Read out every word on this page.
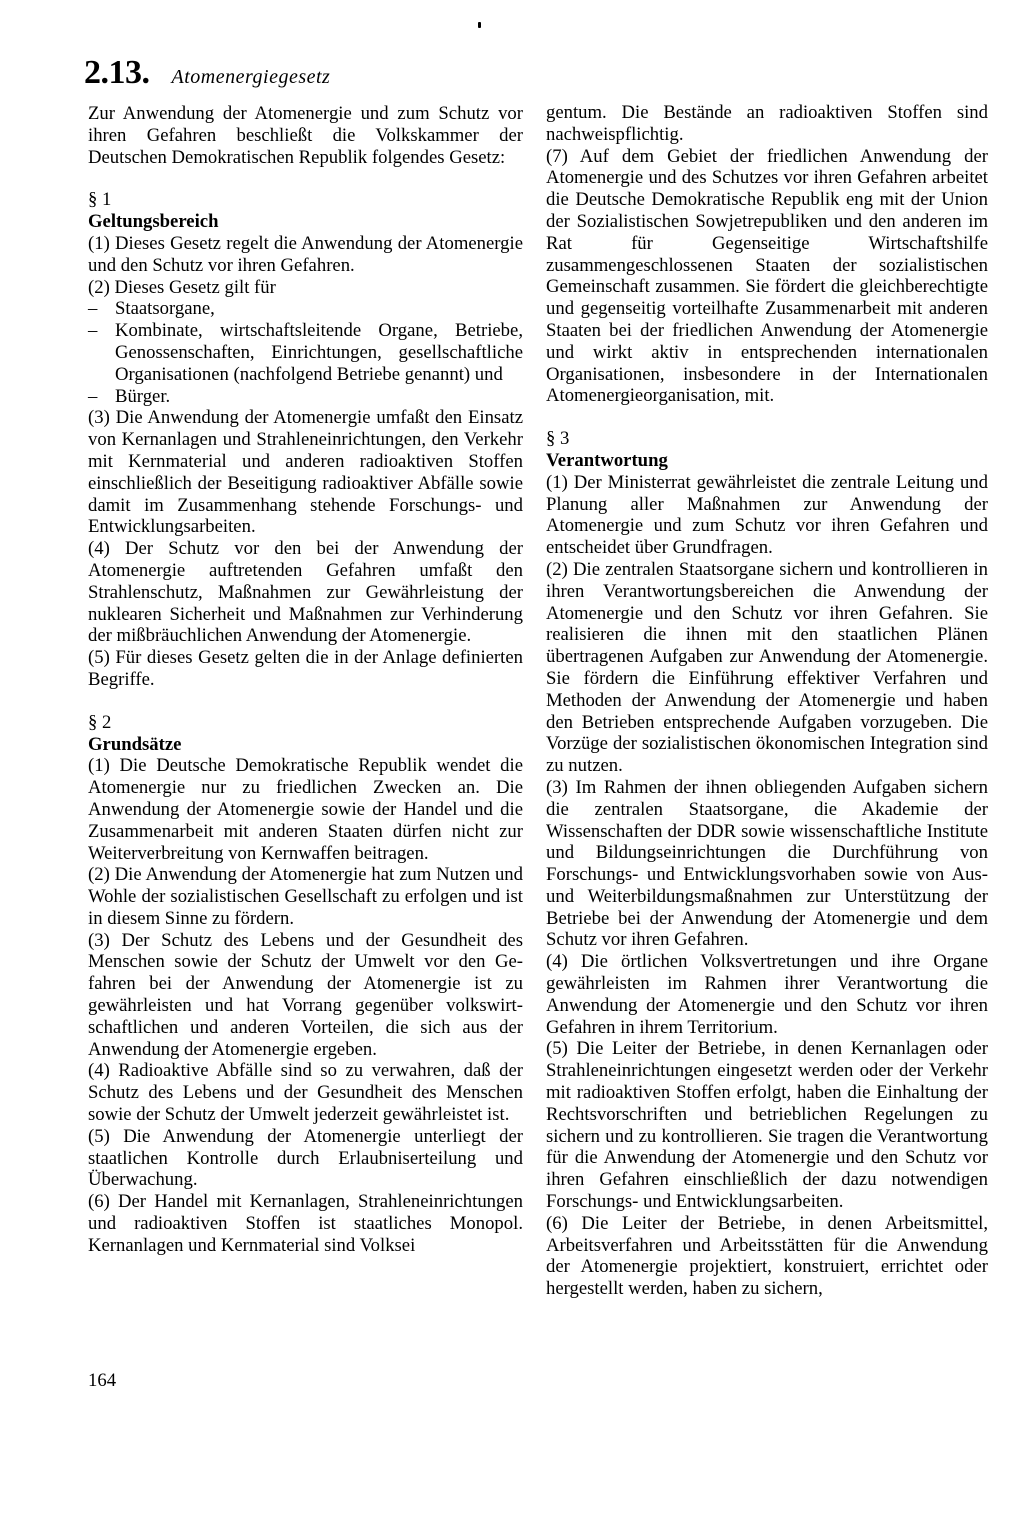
2.13. Atomenergiegesetz

Zur Anwendung der Atomenergie und zum Schutz vor ihren Gefahren beschließt die Volkskammer der Deutschen Demokratischen Republik folgendes Gesetz:

§ 1

Geltungsbereich

(1) Dieses Gesetz regelt die Anwendung der Atomenergie und den Schutz vor ihren Gefahren.

(2) Dieses Gesetz gilt für

– Staatsorgane,
– Kombinate, wirtschaftsleitende Organe, Betriebe, Genossenschaften, Einrichtungen, gesellschaftliche Organisationen (nachfolgend Betriebe genannt) und
– Bürger.

(3) Die Anwendung der Atomenergie umfaßt den Einsatz von Kernanlagen und Strahleneinrichtungen, den Verkehr mit Kernmaterial und anderen radioaktiven Stoffen einschließlich der Beseitigung radioaktiver Abfälle sowie damit im Zusammenhang stehende Forschungs- und Entwicklungsarbeiten.

(4) Der Schutz vor den bei der Anwendung der Atomenergie auftretenden Gefahren umfaßt den Strahlenschutz, Maßnahmen zur Gewährleistung der nuklearen Sicherheit und Maßnahmen zur Verhinderung der mißbräuchlichen Anwendung der Atomenergie.

(5) Für dieses Gesetz gelten die in der Anlage definierten Begriffe.

§ 2

Grundsätze

(1) Die Deutsche Demokratische Republik wendet die Atomenergie nur zu friedlichen Zwecken an. Die Anwendung der Atomenergie sowie der Handel und die Zusammenarbeit mit anderen Staaten dürfen nicht zur Weiterverbreitung von Kernwaffen beitragen.

(2) Die Anwendung der Atomenergie hat zum Nutzen und Wohle der sozialistischen Gesellschaft zu erfolgen und ist in diesem Sinne zu fördern.

(3) Der Schutz des Lebens und der Gesundheit des Menschen sowie der Schutz der Umwelt vor den Gefahren bei der Anwendung der Atomenergie ist zu gewährleisten und hat Vorrang gegenüber volkswirtschaftlichen und anderen Vorteilen, die sich aus der Anwendung der Atomenergie ergeben.

(4) Radioaktive Abfälle sind so zu verwahren, daß der Schutz des Lebens und der Gesundheit des Menschen sowie der Schutz der Umwelt jederzeit gewährleistet ist.

(5) Die Anwendung der Atomenergie unterliegt der staatlichen Kontrolle durch Erlaubniserteilung und Überwachung.

(6) Der Handel mit Kernanlagen, Strahleneinrichtungen und radioaktiven Stoffen ist staatliches Monopol. Kernanlagen und Kernmaterial sind Volksei

gentum. Die Bestände an radioaktiven Stoffen sind nachweispflichtig.

(7) Auf dem Gebiet der friedlichen Anwendung der Atomenergie und des Schutzes vor ihren Gefahren arbeitet die Deutsche Demokratische Republik eng mit der Union der Sozialistischen Sowjetrepubliken und den anderen im Rat für Gegenseitige Wirtschaftshilfe zusammengeschlossenen Staaten der sozialistischen Gemeinschaft zusammen. Sie fördert die gleichberechtigte und gegenseitig vorteilhafte Zusammenarbeit mit anderen Staaten bei der friedlichen Anwendung der Atomenergie und wirkt aktiv in entsprechenden internationalen Organisationen, insbesondere in der Internationalen Atomenergieorganisation, mit.

§ 3

Verantwortung

(1) Der Ministerrat gewährleistet die zentrale Leitung und Planung aller Maßnahmen zur Anwendung der Atomenergie und zum Schutz vor ihren Gefahren und entscheidet über Grundfragen.

(2) Die zentralen Staatsorgane sichern und kontrollieren in ihren Verantwortungsbereichen die Anwendung der Atomenergie und den Schutz vor ihren Gefahren. Sie realisieren die ihnen mit den staatlichen Plänen übertragenen Aufgaben zur Anwendung der Atomenergie. Sie fördern die Einführung effektiver Verfahren und Methoden der Anwendung der Atomenergie und haben den Betrieben entsprechende Aufgaben vorzugeben. Die Vorzüge der sozialistischen ökonomischen Integration sind zu nutzen.

(3) Im Rahmen der ihnen obliegenden Aufgaben sichern die zentralen Staatsorgane, die Akademie der Wissenschaften der DDR sowie wissenschaftliche Institute und Bildungseinrichtungen die Durchführung von Forschungs- und Entwicklungsvorhaben sowie von Aus- und Weiterbildungsmaßnahmen zur Unterstützung der Betriebe bei der Anwendung der Atomenergie und dem Schutz vor ihren Gefahren.

(4) Die örtlichen Volksvertretungen und ihre Organe gewährleisten im Rahmen ihrer Verantwortung die Anwendung der Atomenergie und den Schutz vor ihren Gefahren in ihrem Territorium.

(5) Die Leiter der Betriebe, in denen Kernanlagen oder Strahleneinrichtungen eingesetzt werden oder der Verkehr mit radioaktiven Stoffen erfolgt, haben die Einhaltung der Rechtsvorschriften und betrieblichen Regelungen zu sichern und zu kontrollieren. Sie tragen die Verantwortung für die Anwendung der Atomenergie und den Schutz vor ihren Gefahren einschließlich der dazu notwendigen Forschungs- und Entwicklungsarbeiten.

(6) Die Leiter der Betriebe, in denen Arbeitsmittel, Arbeitsverfahren und Arbeitsstätten für die Anwendung der Atomenergie projektiert, konstruiert, errichtet oder hergestellt werden, haben zu sichern,

164
